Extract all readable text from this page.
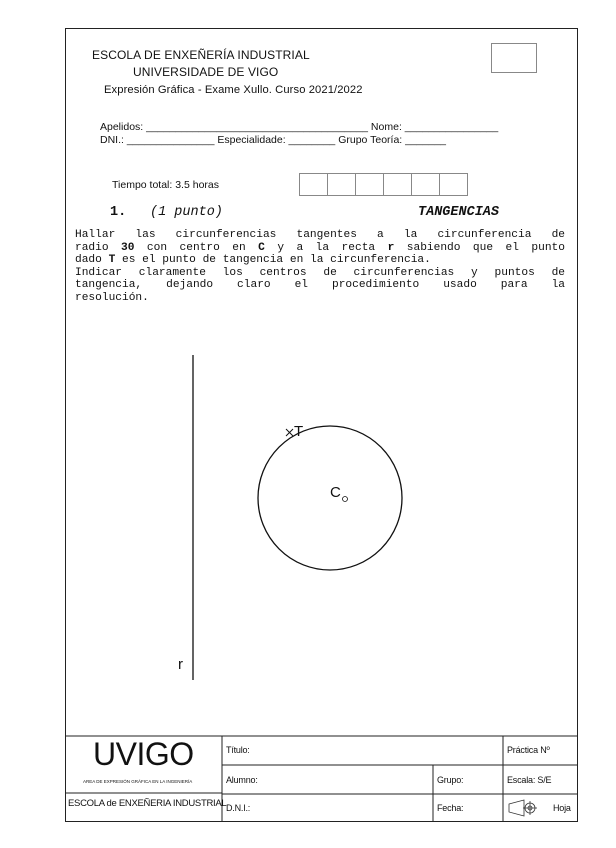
ESCOLA DE ENXEÑERÍA INDUSTRIAL
UNIVERSIDADE DE VIGO
Expresión Gráfica - Exame Xullo. Curso 2021/2022
Apelidos: ______________________________________ Nome: ________________
DNI.: _______________ Especialidade: ________ Grupo Teoría: _______
Tiempo total: 3.5 horas
1. (1 punto)	TANGENCIAS

Hallar las circunferencias tangentes a la circunferencia de

radio 30 con centro en C y a la recta r sabiendo que el punto

dado T es el punto de tangencia en la circunferencia.

Indicar claramente los centros de circunferencias y puntos de

tangencia, dejando claro el procedimiento usado para la

resolución.

r
T
C
UVIGO
AREA DE EXPRESIÓN GRÁFICA EN LA INGENIERÍA
ESCOLA de ENXEÑERIA INDUSTRIAL
Título:
Alumno:
D.N.I.:
Grupo:
Fecha:
Práctica Nº
Escala: S/E
Hoja
